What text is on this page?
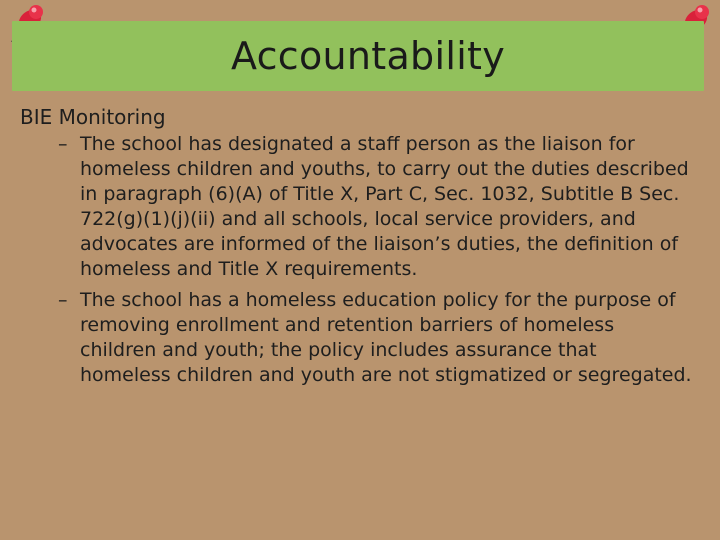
Accountability
BIE Monitoring
– The school has designated a staff person as the liaison for homeless children and youths, to carry out the duties described in paragraph (6)(A) of Title X, Part C, Sec. 1032, Subtitle B Sec. 722(g)(1)(j)(ii) and all schools, local service providers, and advocates are informed of the liaison’s duties, the definition of homeless and Title X requirements.
– The school has a homeless education policy for the purpose of removing enrollment and retention barriers of homeless children and youth; the policy includes assurance that homeless children and youth are not stigmatized or segregated.
